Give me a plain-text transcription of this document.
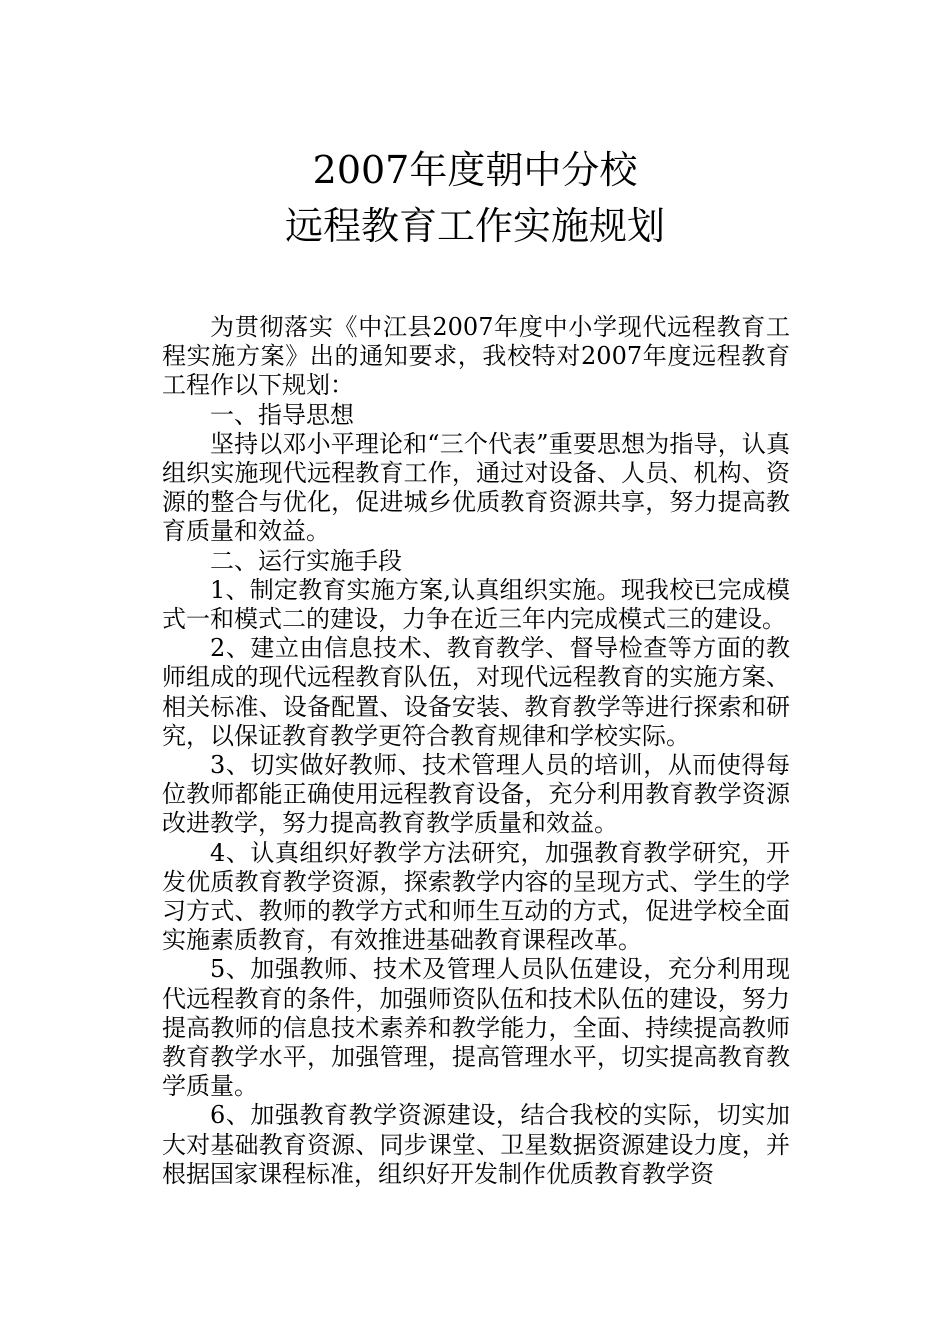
2007年度朝中分校
远程教育工作实施规划

为贯彻落实《中江县2007年度中小学现代远程教育工程实施方案》出的通知要求，我校特对2007年度远程教育工程作以下规划：

一、指导思想

坚持以邓小平理论和“三个代表”重要思想为指导，认真组织实施现代远程教育工作，通过对设备、人员、机构、资源的整合与优化，促进城乡优质教育资源共享，努力提高教育质量和效益。

二、运行实施手段

1、制定教育实施方案,认真组织实施。现我校已完成模式一和模式二的建设，力争在近三年内完成模式三的建设。

2、建立由信息技术、教育教学、督导检查等方面的教师组成的现代远程教育队伍，对现代远程教育的实施方案、相关标准、设备配置、设备安装、教育教学等进行探索和研究，以保证教育教学更符合教育规律和学校实际。

3、切实做好教师、技术管理人员的培训，从而使得每位教师都能正确使用远程教育设备，充分利用教育教学资源改进教学，努力提高教育教学质量和效益。

4、认真组织好教学方法研究，加强教育教学研究，开发优质教育教学资源，探索教学内容的呈现方式、学生的学习方式、教师的教学方式和师生互动的方式，促进学校全面实施素质教育，有效推进基础教育课程改革。

5、加强教师、技术及管理人员队伍建设，充分利用现代远程教育的条件，加强师资队伍和技术队伍的建设，努力提高教师的信息技术素养和教学能力，全面、持续提高教师教育教学水平，加强管理，提高管理水平，切实提高教育教学质量。

6、加强教育教学资源建设，结合我校的实际，切实加大对基础教育资源、同步课堂、卫星数据资源建设力度，并根据国家课程标准，组织好开发制作优质教育教学资
